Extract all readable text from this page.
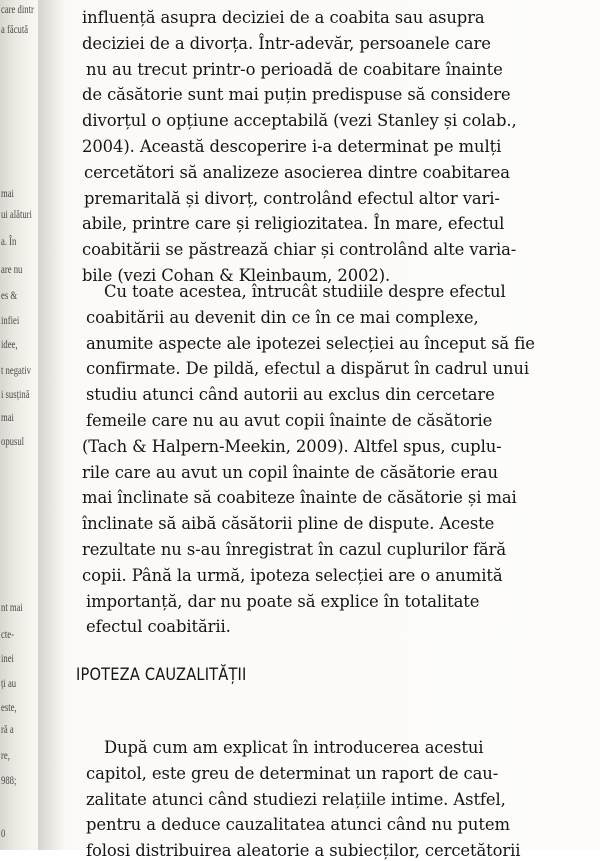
care dintr
a făcută
mai
ui alături
a. În
are nu
es &
infiei
idee,
t negativ
i susțină
mai
opusul
nt mai
cte-
inei
ți au
este,
ră a
re,
988;
0
influență asupra deciziei de a coabita sau asupra
deciziei de a divorța. Într-adevăr, persoanele care
nu au trecut printr-o perioadă de coabitare înainte
de căsătorie sunt mai puțin predispuse să considere
divorțul o opțiune acceptabilă (vezi Stanley și colab.,
2004). Această descoperire i-a determinat pe mulți
cercetători să analizeze asocierea dintre coabitarea
premaritală și divorț, controlând efectul altor vari-
abile, printre care și religiozitatea. În mare, efectul
coabitării se păstrează chiar și controlând alte varia-
bile (vezi Cohan & Kleinbaum, 2002).
Cu toate acestea, întrucât studiile despre efectul
coabitării au devenit din ce în ce mai complexe,
anumite aspecte ale ipotezei selecției au început să fie
confirmate. De pildă, efectul a dispărut în cadrul unui
studiu atunci când autorii au exclus din cercetare
femeile care nu au avut copii înainte de căsătorie
(Tach & Halpern-Meekin, 2009). Altfel spus, cuplu-
rile care au avut un copil înainte de căsătorie erau
mai înclinate să coabiteze înainte de căsătorie și mai
înclinate să aibă căsătorii pline de dispute. Aceste
rezultate nu s-au înregistrat în cazul cuplurilor fără
copii. Până la urmă, ipoteza selecției are o anumită
importanță, dar nu poate să explice în totalitate
efectul coabitării.
După cum am explicat în introducerea acestui
capitol, este greu de determinat un raport de cau-
zalitate atunci când studiezi relațiile intime. Astfel,
pentru a deduce cauzalitatea atunci când nu putem
folosi distribuirea aleatorie a subiecților, cercetătorii
IPOTEZA CAUZALITĂȚII
